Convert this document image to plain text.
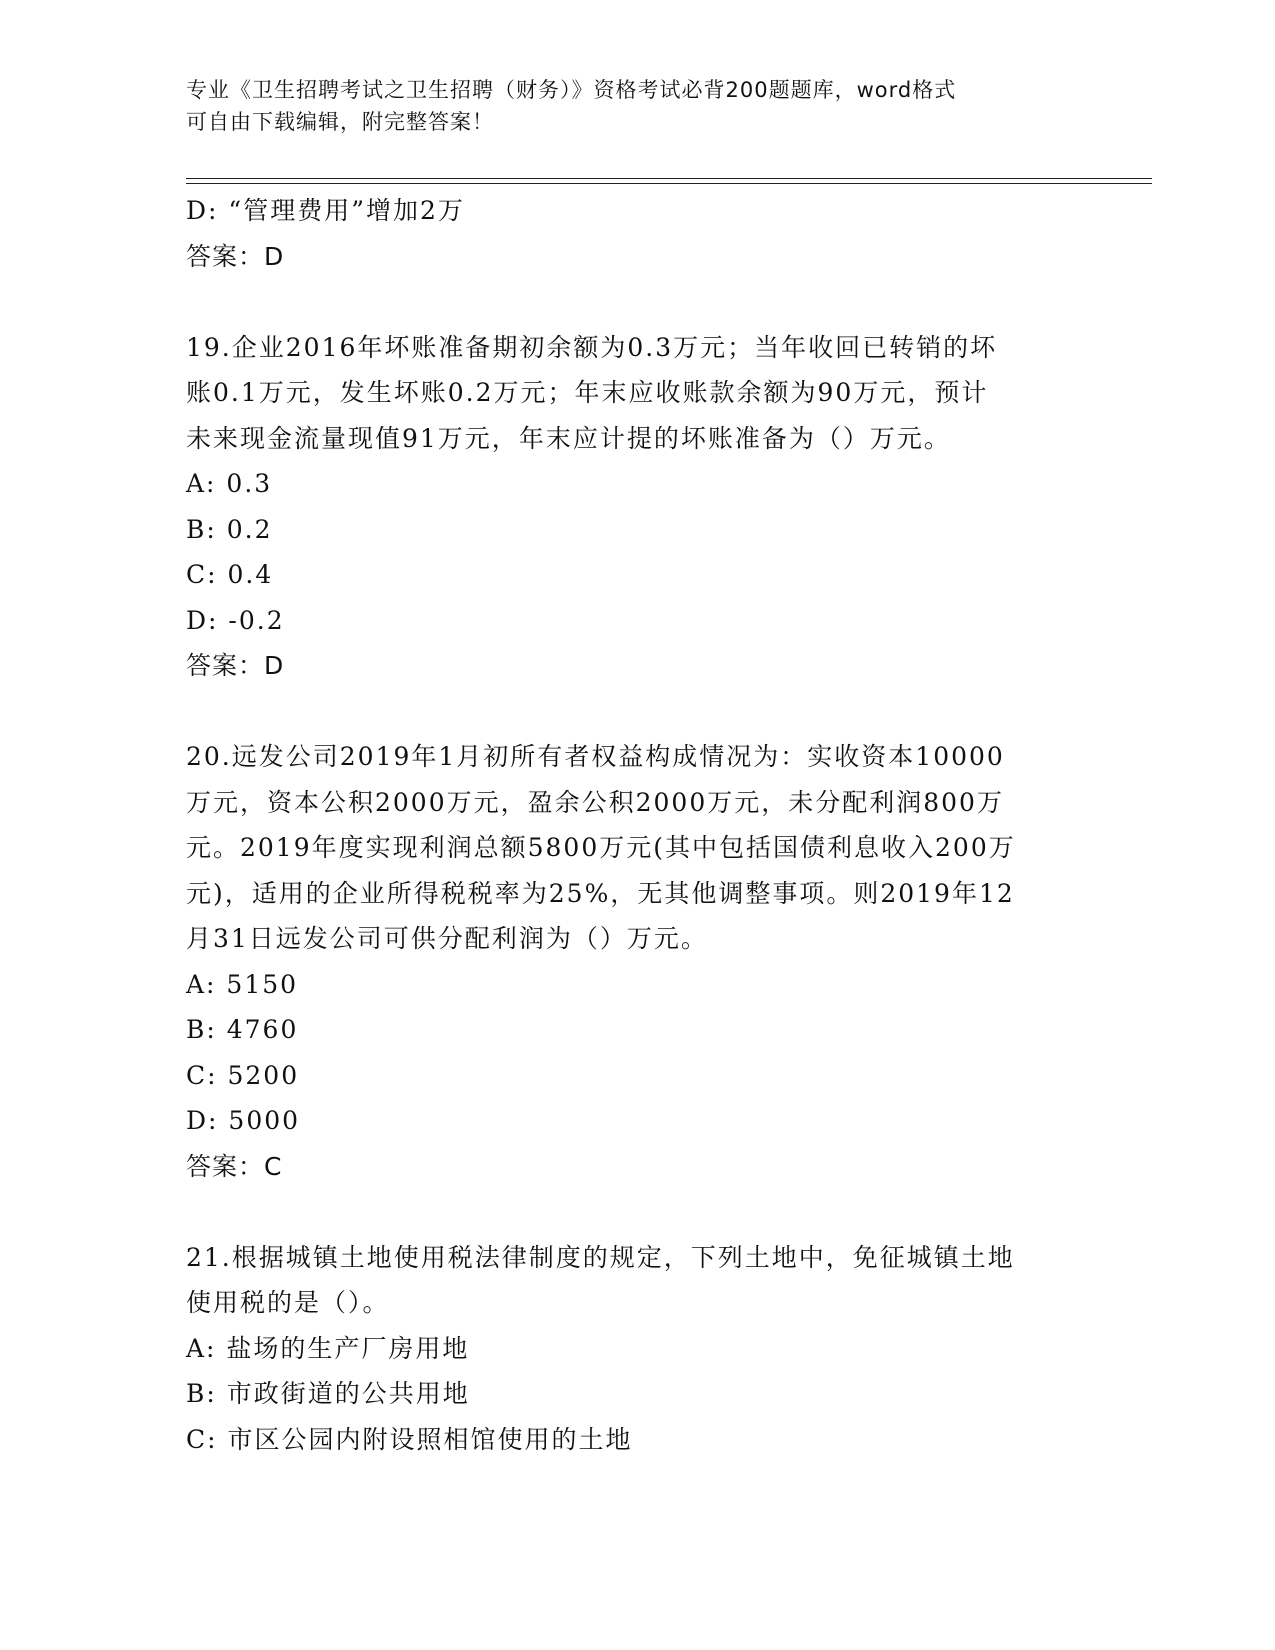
专业《卫生招聘考试之卫生招聘（财务）》资格考试必背200题题库，word格式
可自由下载编辑，附完整答案！
D: “管理费用”增加2万
答案：D
19.企业2016年坏账准备期初余额为0.3万元；当年收回已转销的坏
账0.1万元，发生坏账0.2万元；年末应收账款余额为90万元，预计
未来现金流量现值91万元，年末应计提的坏账准备为（）万元。
A: 0.3
B: 0.2
C: 0.4
D: -0.2
答案：D
20.远发公司2019年1月初所有者权益构成情况为：实收资本10000
万元，资本公积2000万元，盈余公积2000万元，未分配利润800万
元。2019年度实现利润总额5800万元(其中包括国债利息收入200万
元)，适用的企业所得税税率为25%，无其他调整事项。则2019年12
月31日远发公司可供分配利润为（）万元。
A: 5150
B: 4760
C: 5200
D: 5000
答案：C
21.根据城镇土地使用税法律制度的规定，下列土地中，免征城镇土地
使用税的是（）。
A: 盐场的生产厂房用地
B: 市政街道的公共用地
C: 市区公园内附设照相馆使用的土地
